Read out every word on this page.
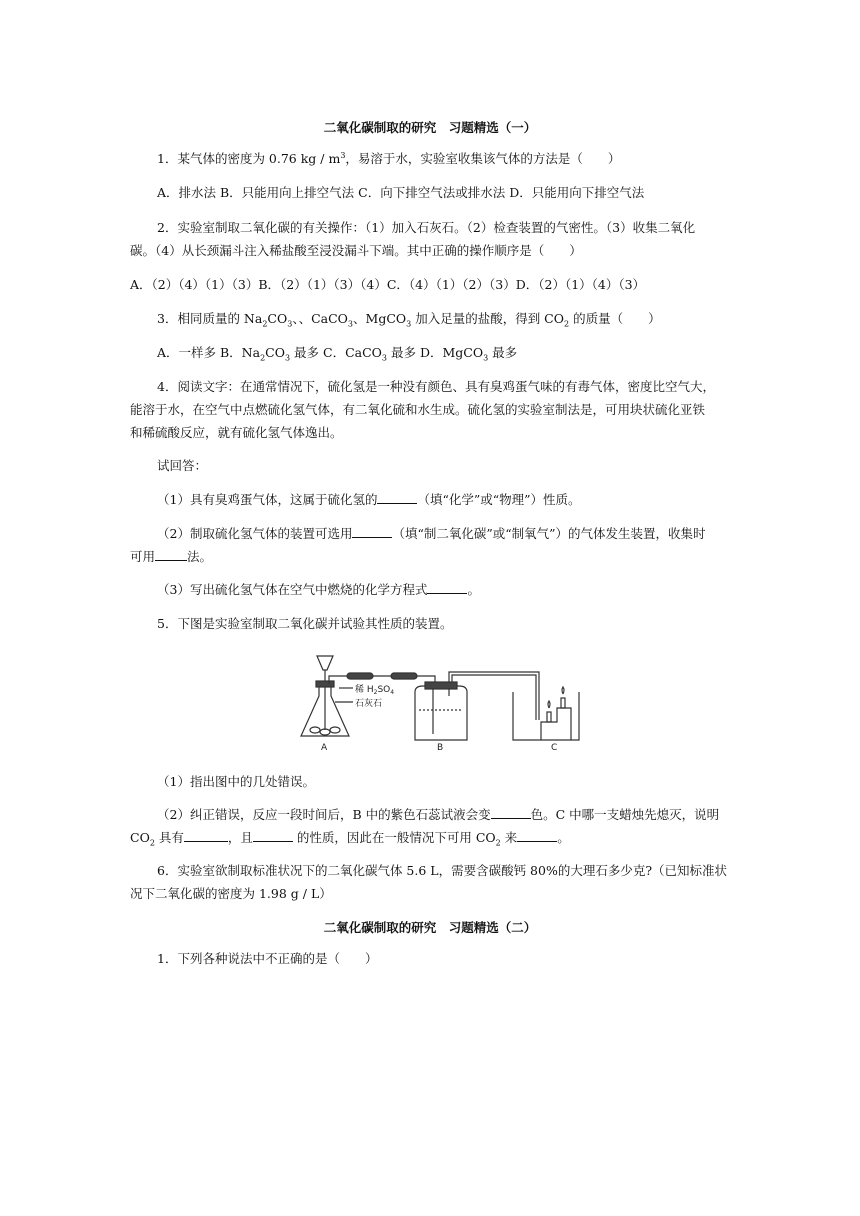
二氧化碳制取的研究　习题精选（一）
1．某气体的密度为 0.76 kg / $m^3$，易溶于水，实验室收集该气体的方法是（　　）
A．排水法 B．只能用向上排空气法 C．向下排空气法或排水法 D．只能用向下排空气法
2．实验室制取二氧化碳的有关操作：（1）加入石灰石。（2）检查装置的气密性。（3）收集二氧化
碳。（4）从长颈漏斗注入稀盐酸至浸没漏斗下端。其中正确的操作顺序是（　　）
A．（2）（4）（1）（3）B．（2）（1）（3）（4）C．（4）（1）（2）（3）D．（2）（1）（4）（3）
3．相同质量的 $Na_2CO_3$、、CaCO$_3$、MgCO$_3$ 加入足量的盐酸，得到 $CO_2$ 的质量（　　）
A．一样多 B．$Na_2CO_3$ 最多 C．CaCO$_3$ 最多 D．MgCO$_3$ 最多
4．阅读文字：在通常情况下，硫化氢是一种没有颜色、具有臭鸡蛋气味的有毒气体，密度比空气大，
能溶于水，在空气中点燃硫化氢气体，有二氧化硫和水生成。硫化氢的实验室制法是，可用块状硫化亚铁
和稀硫酸反应，就有硫化氢气体逸出。
试回答：
（1）具有臭鸡蛋气体，这属于硫化氢的	（填“化学”或“物理”）性质。
（2）制取硫化氢气体的装置可选用	（填“制二氧化碳”或“制氧气”）的气体发生装置，收集时
可用	法。
（3）写出硫化氢气体在空气中燃烧的化学方程式	。
5．下图是实验室制取二氧化碳并试验其性质的装置。
稀 $H_2SO_4$
石灰石
A	B	C
（1）指出图中的几处错误。
（2）纠正错误，反应一段时间后，B 中的紫色石蕊试液会变	色。C 中哪一支蜡烛先熄灭，说明
$CO_2$ 具有	，且	的性质，因此在一般情况下可用 $CO_2$ 来	。
6．实验室欲制取标准状况下的二氧化碳气体 5.6 L，需要含碳酸钙 80%的大理石多少克?（已知标准状
况下二氧化碳的密度为 1.98 g / L）
二氧化碳制取的研究　习题精选（二）
1．下列各种说法中不正确的是（　　）
